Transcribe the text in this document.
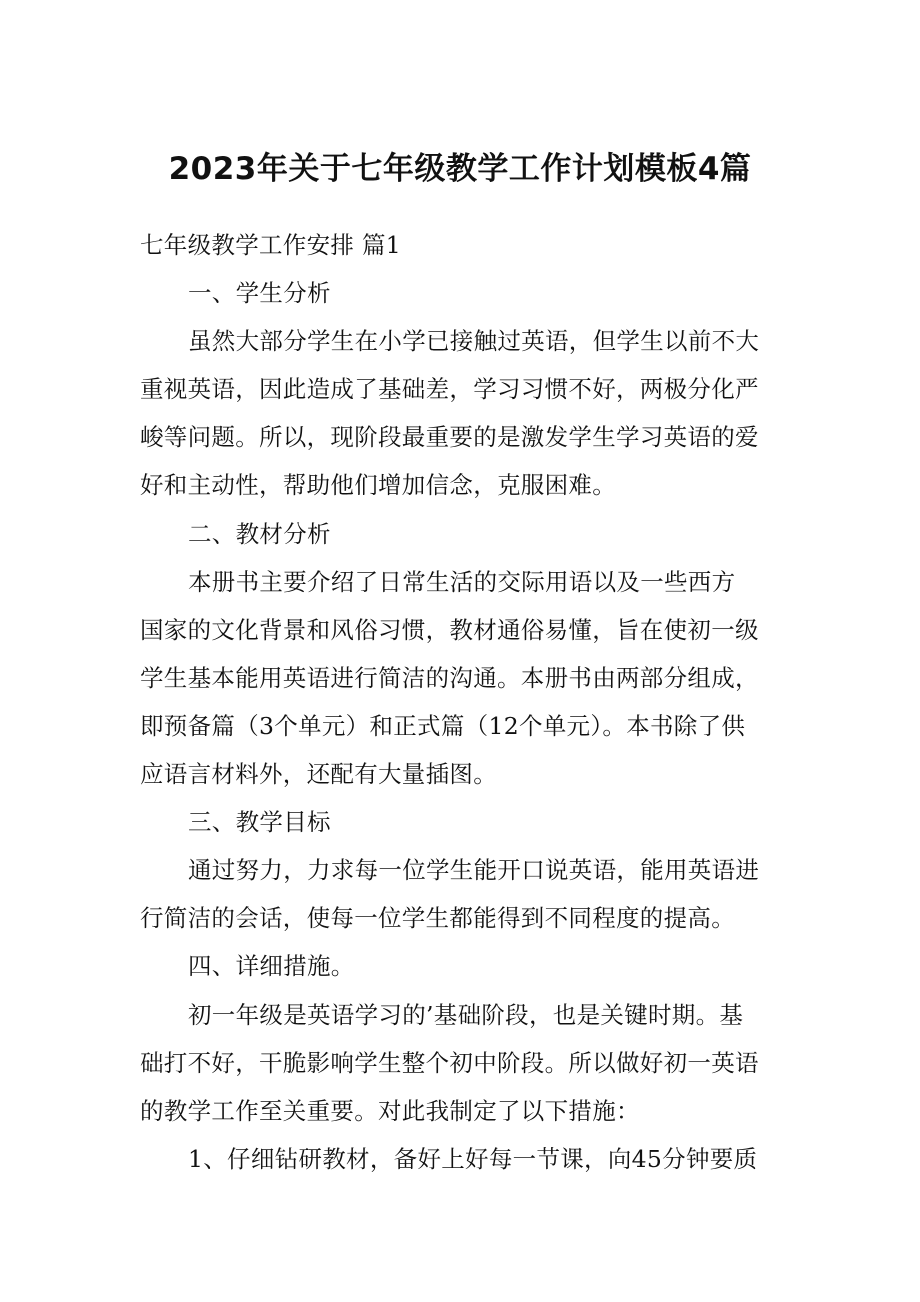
2023年关于七年级教学工作计划模板4篇
七年级教学工作安排 篇1
一、学生分析
虽然大部分学生在小学已接触过英语，但学生以前不大
重视英语，因此造成了基础差，学习习惯不好，两极分化严
峻等问题。所以，现阶段最重要的是激发学生学习英语的爱
好和主动性，帮助他们增加信念，克服困难。
二、教材分析
本册书主要介绍了日常生活的交际用语以及一些西方
国家的文化背景和风俗习惯，教材通俗易懂，旨在使初一级
学生基本能用英语进行简洁的沟通。本册书由两部分组成，
即预备篇（3个单元）和正式篇（12个单元）。本书除了供
应语言材料外，还配有大量插图。
三、教学目标
通过努力，力求每一位学生能开口说英语，能用英语进
行简洁的会话，使每一位学生都能得到不同程度的提高。
四、详细措施。
初一年级是英语学习的’基础阶段，也是关键时期。基
础打不好，干脆影响学生整个初中阶段。所以做好初一英语
的教学工作至关重要。对此我制定了以下措施：
1、仔细钻研教材，备好上好每一节课，向45分钟要质
